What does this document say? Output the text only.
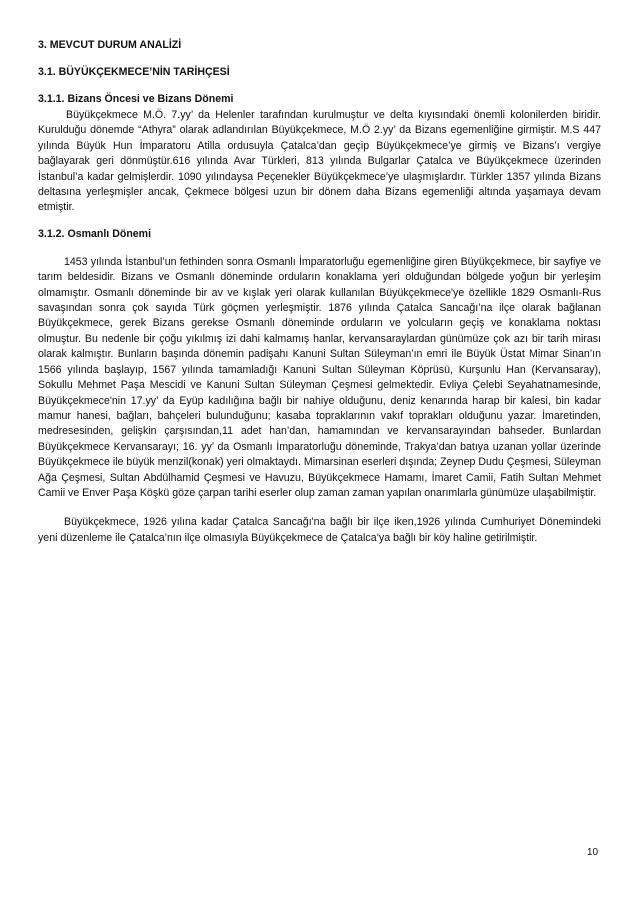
3. MEVCUT DURUM ANALİZİ
3.1. BÜYÜKÇEKMECE’NİN TARİHÇESİ
3.1.1. Bizans Öncesi ve Bizans Dönemi

Büyükçekmece M.Ö. 7.yy’ da Helenler tarafından kurulmuştur ve delta kıyısındaki önemli kolonilerden biridir. Kurulduğu dönemde “Athyra” olarak adlandırılan Büyükçekmece, M.Ö 2.yy’ da Bizans egemenliğine girmiştir. M.S 447 yılında Büyük Hun İmparatoru Atilla ordusuyla Çatalca’dan geçip Büyükçekmece’ye girmiş ve Bizans’ı vergiye bağlayarak geri dönmüştür.616 yılında Avar Türkleri, 813 yılında Bulgarlar Çatalca ve Büyükçekmece üzerinden İstanbul’a kadar gelmişlerdir. 1090 yılındaysa Peçenekler Büyükçekmece’ye ulaşmışlardır. Türkler 1357 yılında Bizans deltasına yerleşmişler ancak, Çekmece bölgesi uzun bir dönem daha Bizans egemenliği altında yaşamaya devam etmiştir.

3.1.2. Osmanlı Dönemi

1453 yılında İstanbul’un fethinden sonra Osmanlı İmparatorluğu egemenliğine giren Büyükçekmece, bir sayfiye ve tarım beldesidir. Bizans ve Osmanlı döneminde orduların konaklama yeri olduğundan bölgede yoğun bir yerleşim olmamıştır. Osmanlı döneminde bir av ve kışlak yeri olarak kullanılan Büyükçekmece'ye özellikle 1829 Osmanlı-Rus savaşından sonra çok sayıda Türk göçmen yerleşmiştir. 1876 yılında Çatalca Sancağı’na ilçe olarak bağlanan Büyükçekmece, gerek Bizans gerekse Osmanlı döneminde orduların ve yolcuların geçiş ve konaklama noktası olmuştur. Bu nedenle bir çoğu yıkılmış izi dahi kalmamış hanlar, kervansaraylardan günümüze çok azı bir tarih mirası olarak kalmıştır. Bunların başında dönemin padişahı Kanuni Sultan Süleyman’ın emri ile Büyük Üstat Mimar Sinan’ın 1566 yılında başlayıp, 1567 yılında tamamladığı Kanuni Sultan Süleyman Köprüsü, Kurşunlu Han (Kervansaray), Sokullu Mehmet Paşa Mescidi ve Kanuni Sultan Süleyman Çeşmesi gelmektedir. Evliya Çelebi Seyahatnamesinde, Büyükçekmece'nin 17.yy’ da Eyüp kadılığına bağlı bir nahiye olduğunu, deniz kenarında harap bir kalesi, bin kadar mamur hanesi, bağları, bahçeleri bulunduğunu; kasaba topraklarının vakıf toprakları olduğunu yazar. İmaretinden, medresesinden, gelişkin çarşısından,11 adet han’dan, hamamından ve kervansarayından bahseder. Bunlardan Büyükçekmece Kervansarayı; 16. yy’ da Osmanlı İmparatorluğu döneminde, Trakya’dan batıya uzanan yollar üzerinde Büyükçekmece ile büyük menzil(konak) yeri olmaktaydı. Mimarsinan eserleri dışında; Zeynep Dudu Çeşmesi, Süleyman Ağa Çeşmesi, Sultan Abdülhamid Çeşmesi ve Havuzu, Büyükçekmece Hamamı, İmaret Camii, Fatih Sultan Mehmet Camii ve Enver Paşa Köşkü göze çarpan tarihi eserler olup zaman zaman yapılan onarımlarla günümüze ulaşabilmiştir.

Büyükçekmece, 1926 yılına kadar Çatalca Sancağı'na bağlı bir ilçe iken,1926 yılında Cumhuriyet Dönemindeki yeni düzenleme ile Çatalca’nın ilçe olmasıyla Büyükçekmece de Çatalca’ya bağlı bir köy haline getirilmiştir.

10
